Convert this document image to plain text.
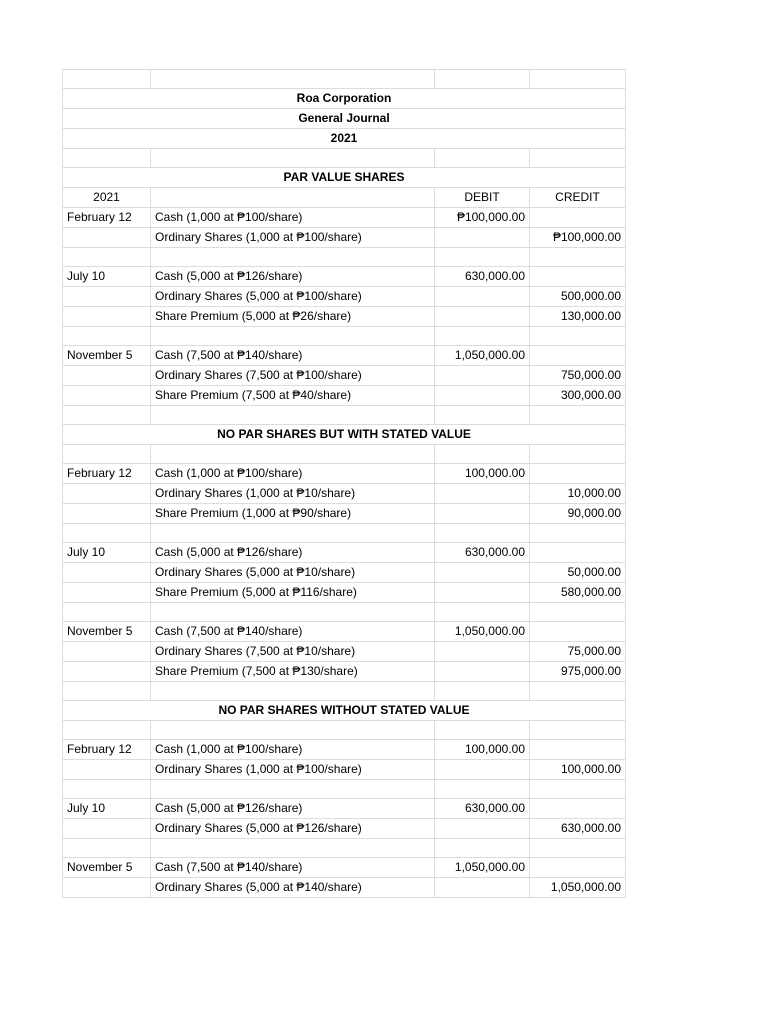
Roa Corporation			
General Journal			
2021			

PAR VALUE SHARES			
2021		DEBIT	CREDIT
February 12	Cash (1,000 at ₱100/share)	₱100,000.00	
	Ordinary Shares (1,000 at ₱100/share)		₱100,000.00

July 10	Cash (5,000 at ₱126/share)	630,000.00	
	Ordinary Shares (5,000 at ₱100/share)		500,000.00
	Share Premium (5,000 at ₱26/share)		130,000.00

November 5	Cash (7,500 at ₱140/share)	1,050,000.00	
	Ordinary Shares (7,500 at ₱100/share)		750,000.00
	Share Premium (7,500 at ₱40/share)		300,000.00

NO PAR SHARES BUT WITH STATED VALUE			

February 12	Cash (1,000 at ₱100/share)	100,000.00	
	Ordinary Shares (1,000 at ₱10/share)		10,000.00
	Share Premium (1,000 at ₱90/share)		90,000.00

July 10	Cash (5,000 at ₱126/share)	630,000.00	
	Ordinary Shares (5,000 at ₱10/share)		50,000.00
	Share Premium (5,000 at ₱116/share)		580,000.00

November 5	Cash (7,500 at ₱140/share)	1,050,000.00	
	Ordinary Shares (7,500 at ₱10/share)		75,000.00
	Share Premium (7,500 at ₱130/share)		975,000.00

NO PAR SHARES WITHOUT STATED VALUE			

February 12	Cash (1,000 at ₱100/share)	100,000.00	
	Ordinary Shares (1,000 at ₱100/share)		100,000.00

July 10	Cash (5,000 at ₱126/share)	630,000.00	
	Ordinary Shares (5,000 at ₱126/share)		630,000.00

November 5	Cash (7,500 at ₱140/share)	1,050,000.00	
	Ordinary Shares (5,000 at ₱140/share)		1,050,000.00
